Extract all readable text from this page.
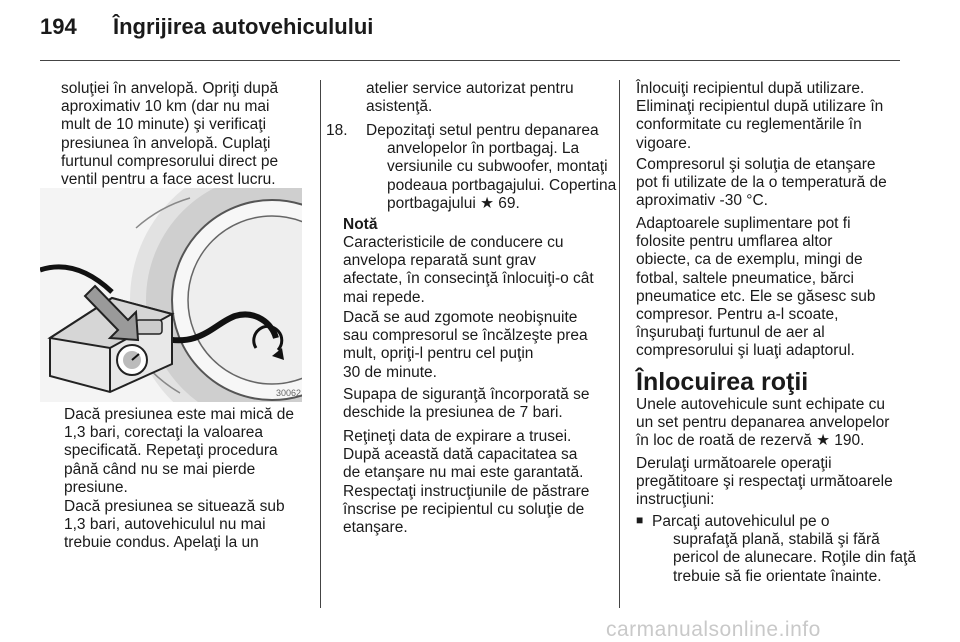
194 Îngrijirea autovehiculului
soluţiei în anvelopă. Opriţi după
aproximativ 10 km (dar nu mai
mult de 10 minute) şi verificaţi
presiunea în anvelopă. Cuplaţi
furtunul compresorului direct pe
ventil pentru a face acest lucru.
30062
Dacă presiunea este mai mică de
1,3 bari, corectaţi la valoarea
specificată. Repetaţi procedura
până când nu se mai pierde
presiune.
Dacă presiunea se situează sub
1,3 bari, autovehiculul nu mai
trebuie condus. Apelaţi la un
atelier service autorizat pentru
asistenţă.
18. Depozitaţi setul pentru depanarea
anvelopelor în portbagaj. La
versiunile cu subwoofer, montaţi
podeaua portbagajului. Copertina
portbagajului ★ 69.
Notă
Caracteristicile de conducere cu
anvelopa reparată sunt grav
afectate, în consecinţă înlocuiţi-o cât
mai repede.
Dacă se aud zgomote neobişnuite
sau compresorul se încălzeşte prea
mult, opriţi-l pentru cel puţin
30 de minute.
Supapa de siguranţă încorporată se
deschide la presiunea de 7 bari.
Reţineţi data de expirare a trusei.
După această dată capacitatea sa
de etanşare nu mai este garantată.
Respectaţi instrucţiunile de păstrare
înscrise pe recipientul cu soluţie de
etanşare.
Înlocuiţi recipientul după utilizare.
Eliminaţi recipientul după utilizare în
conformitate cu reglementările în
vigoare.
Compresorul şi soluţia de etanşare
pot fi utilizate de la o temperatură de
aproximativ -30 °C.
Adaptoarele suplimentare pot fi
folosite pentru umflarea altor
obiecte, ca de exemplu, mingi de
fotbal, saltele pneumatice, bărci
pneumatice etc. Ele se găsesc sub
compresor. Pentru a-l scoate,
înşurubaţi furtunul de aer al
compresorului şi luaţi adaptorul.
Înlocuirea roţii
Unele autovehicule sunt echipate cu
un set pentru depanarea anvelopelor
în loc de roată de rezervă ★ 190.
Derulaţi următoarele operaţii
pregătitoare şi respectaţi următoarele
instrucţiuni:
■ Parcaţi autovehiculul pe o
suprafaţă plană, stabilă şi fără
pericol de alunecare. Roţile din faţă
trebuie să fie orientate înainte.
carmanualsonline.info
